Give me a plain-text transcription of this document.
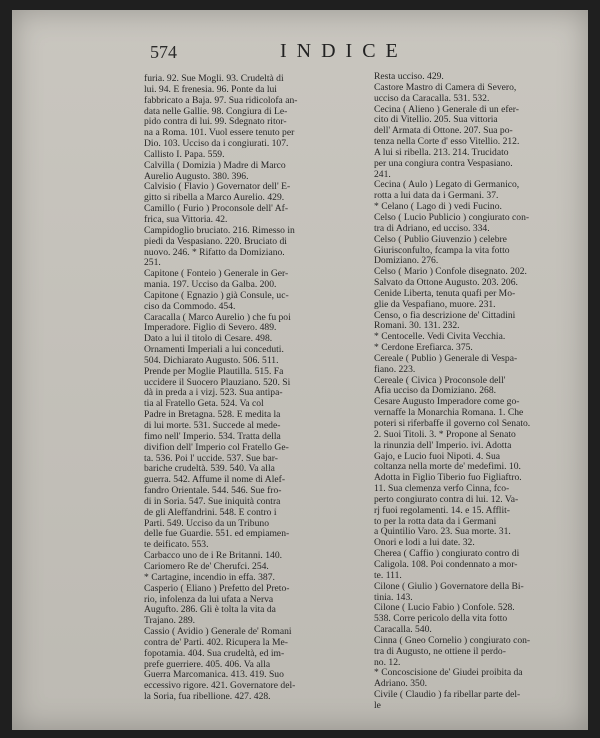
574	INDICE

furia. 92. Sue Mogli. 93. Crudeltà di
lui. 94. E frenesia. 96. Ponte da lui
fabbricato a Baja. 97. Sua ridicolofa an-
data nelle Gallie. 98. Congiura di Le-
pido contra di lui. 99. Sdegnato ritor-
na a Roma. 101. Vuol essere tenuto per
Dio. 103. Ucciso da i congiurati. 107.

Callisto I. Papa. 559.

Calvilla ( Domizia ) Madre di Marco
Aurelio Augusto. 380. 396.

Calvisio ( Flavio ) Governator dell' E-
gitto si ribella a Marco Aurelio. 429.

Camillo ( Furio ) Proconsole dell' Af-
frica, sua Vittoria. 42.

Campidoglio bruciato. 216. Rimesso in
piedi da Vespasiano. 220. Bruciato di
nuovo. 246. * Rifatto da Domiziano.
251.

Capitone ( Fonteio ) Generale in Ger-
mania. 197. Ucciso da Galba. 200.

Capitone ( Egnazio ) già Consule, uc-
ciso da Commodo. 454.

Caracalla ( Marco Aurelio ) che fu poi
Imperadore. Figlio di Severo. 489.
Dato a lui il titolo di Cesare. 498.
Ornamenti Imperiali a lui conceduti.
504. Dichiarato Augusto. 506. 511.
Prende per Moglie Plautilla. 515. Fa
uccidere il Suocero Plauziano. 520. Si
dà in preda a i vizj. 523. Sua antipa-
tia al Fratello Geta. 524. Va col
Padre in Bretagna. 528. E medita la
di lui morte. 531. Succede al mede-
fimo nell' Imperio. 534. Tratta della
divifion dell' Imperio col Fratello Ge-
ta. 536. Poi l' uccide. 537. Sue bar-
bariche crudeltà. 539. 540. Va alla
guerra. 542. Affume il nome di Alef-
fandro Orientale. 544. 546. Sue fro-
di in Soria. 547. Sue iniquità contra
de gli Aleffandrini. 548. E contro i
Parti. 549. Ucciso da un Tribuno
delle fue Guardie. 551. ed empiamen-
te deificato. 553.

Carbacco uno de i Re Britanni. 140.

Cariomero Re de' Cherufci. 254.

* Cartagine, incendio in effa. 387.

Casperio ( Eliano ) Prefetto del Preto-
rio, infolenza da lui ufata a Nerva
Augufto. 286. Gli è tolta la vita da
Trajano. 289.

Cassio ( Avidio ) Generale de' Romani
contra de' Parti. 402. Ricupera la Me-
fopotamia. 404. Sua crudeltà, ed im-
prefe guerriere. 405. 406. Va alla
Guerra Marcomanica. 413. 419. Suo
eccessivo rigore. 421. Governatore del-
la Soria, fua ribellione. 427. 428.

Resta ucciso. 429.

Castore Mastro di Camera di Severo,
ucciso da Caracalla. 531. 532.

Cecina ( Alieno ) Generale di un efer-
cito di Vitellio. 205. Sua vittoria
dell' Armata di Ottone. 207. Sua po-
tenza nella Corte d' esso Vitellio. 212.
A lui si ribella. 213. 214. Trucidato
per una congiura contra Vespasiano.
241.

Cecina ( Aulo ) Legato di Germanico,
rotta a lui data da i Germani. 37.

* Celano ( Lago di ) vedi Fucino.

Celso ( Lucio Publicio ) congiurato con-
tra di Adriano, ed ucciso. 334.

Celso ( Publio Giuvenzio ) celebre
Giurisconfulto, fcampa la vita fotto
Domiziano. 276.

Celso ( Mario ) Confole disegnato. 202.
Salvato da Ottone Augusto. 203. 206.

Cenide Liberta, tenuta quafi per Mo-
glie da Vespafiano, muore. 231.

Censo, o fia descrizione de' Cittadini
Romani. 30. 131. 232.

* Centocelle. Vedi Civita Vecchia.

* Cerdone Erefiarca. 375.

Cereale ( Publio ) Generale di Vespa-
fiano. 223.

Cereale ( Civica ) Proconsole dell'
Afia ucciso da Domiziano. 268.

Cesare Augusto Imperadore come go-
vernaffe la Monarchia Romana. 1. Che
poteri si riferbaffe il governo col Senato.
2. Suoi Titoli. 3. * Propone al Senato
la rinunzia dell' Imperio. ivi. Adotta
Gajo, e Lucio fuoi Nipoti. 4. Sua
coltanza nella morte de' medefimi. 10.
Adotta in Figlio Tiberio fuo Figliaftro.
11. Sua clemenza verfo Cinna, fco-
perto congiurato contra di lui. 12. Va-
rj fuoi regolamenti. 14. e 15. Afflit-
to per la rotta data da i Germani
a Quintilio Varo. 23. Sua morte. 31.
Onori e lodi a lui date. 32.

Cherea ( Caffio ) congiurato contro di
Caligola. 108. Poi condennato a mor-
te. 111.

Cilone ( Giulio ) Governatore della Bi-
tinia. 143.

Cilone ( Lucio Fabio ) Confole. 528.
538. Corre pericolo della vita fotto
Caracalla. 540.

Cinna ( Gneo Cornelio ) congiurato con-
tra di Augusto, ne ottiene il perdo-
no. 12.

* Concoscisione de' Giudei proibita da
Adriano. 350.

Civile ( Claudio ) fa ribellar parte del-
le
